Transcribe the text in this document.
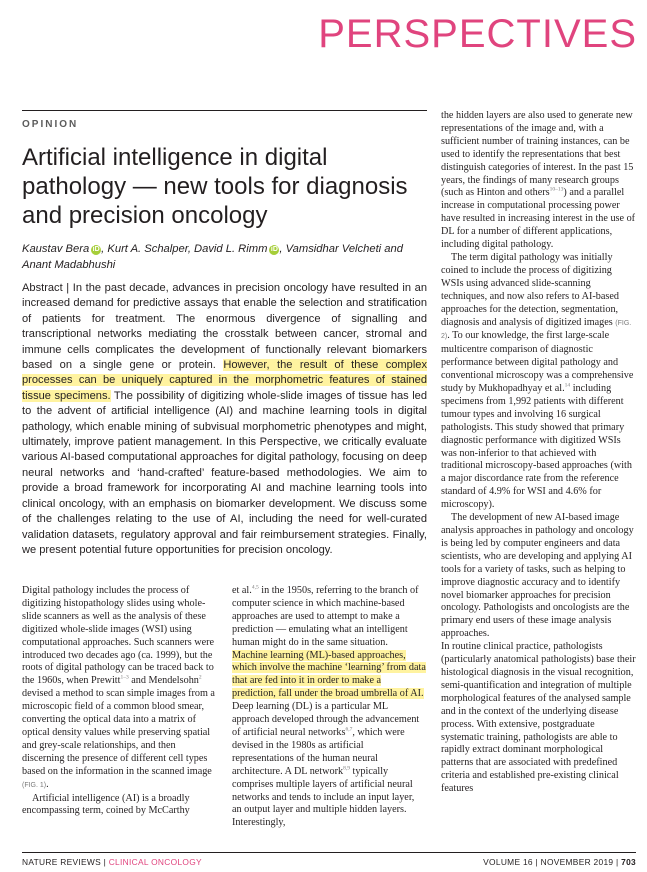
PERSPECTIVES
OPINION
Artificial intelligence in digital pathology — new tools for diagnosis and precision oncology
Kaustav Bera iD , Kurt A. Schalper, David L. Rimm iD , Vamsidhar Velcheti and
Anant Madabhushi
Abstract | In the past decade, advances in precision oncology have resulted in an increased demand for predictive assays that enable the selection and stratification of patients for treatment. The enormous divergence of signalling and transcriptional networks mediating the crosstalk between cancer, stromal and immune cells complicates the development of functionally relevant biomarkers based on a single gene or protein. However, the result of these complex processes can be uniquely captured in the morphometric features of stained tissue specimens. The possibility of digitizing whole-slide images of tissue has led to the advent of artificial intelligence (AI) and machine learning tools in digital pathology, which enable mining of subvisual morphometric phenotypes and might, ultimately, improve patient management. In this Perspective, we critically evaluate various AI-based computational approaches for digital pathology, focusing on deep neural networks and ‘hand-crafted’ feature-based methodologies. We aim to provide a broad framework for incorporating AI and machine learning tools into clinical oncology, with an emphasis on biomarker development. We discuss some of the challenges relating to the use of AI, including the need for well-curated validation datasets, regulatory approval and fair reimbursement strategies. Finally, we present potential future opportunities for precision oncology.

Digital pathology includes the process of digitizing histopathology slides using whole-slide scanners as well as the analysis of these digitized whole-slide images (WSI) using computational approaches. Such scanners were introduced two decades ago (ca. 1999), but the roots of digital pathology can be traced back to the 1960s, when Prewitt$^{1-3}$ and Mendelsohn$^2$ devised a method to scan simple images from a microscopic field of a common blood smear, converting the optical data into a matrix of optical density values while preserving spatial and grey-scale relationships, and then discerning the presence of different cell types based on the information in the scanned image (FIG. 1).

Artificial intelligence (AI) is a broadly encompassing term, coined by McCarthy

et al.$^{4,5}$ in the 1950s, referring to the branch of computer science in which machine-based approaches are used to attempt to make a prediction — emulating what an intelligent human might do in the same situation. Machine learning (ML)-based approaches, which involve the machine ‘learning’ from data that are fed into it in order to make a prediction, fall under the broad umbrella of AI. Deep learning (DL) is a particular ML approach developed through the advancement of artificial neural networks$^{6,7}$, which were devised in the 1980s as artificial representations of the human neural architecture. A DL network$^{8,9}$ typically comprises multiple layers of artificial neural networks and tends to include an input layer, an output layer and multiple hidden layers. Interestingly,

the hidden layers are also used to generate new representations of the image and, with a sufficient number of training instances, can be used to identify the representations that best distinguish categories of interest. In the past 15 years, the findings of many research groups (such as Hinton and others$^{10-13}$) and a parallel increase in computational processing power have resulted in increasing interest in the use of DL for a number of different applications, including digital pathology.

The term digital pathology was initially coined to include the process of digitizing WSIs using advanced slide-scanning techniques, and now also refers to AI-based approaches for the detection, segmentation, diagnosis and analysis of digitized images (FIG. 2). To our knowledge, the first large-scale multicentre comparison of diagnostic performance between digital pathology and conventional microscopy was a comprehensive study by Mukhopadhyay et al.$^{14}$ including specimens from 1,992 patients with different tumour types and involving 16 surgical pathologists. This study showed that primary diagnostic performance with digitized WSIs was non-inferior to that achieved with traditional microscopy-based approaches (with a major discordance rate from the reference standard of 4.9% for WSI and 4.6% for microscopy).

The development of new AI-based image analysis approaches in pathology and oncology is being led by computer engineers and data scientists, who are developing and applying AI tools for a variety of tasks, such as helping to improve diagnostic accuracy and to identify novel biomarker approaches for precision oncology. Pathologists and oncologists are the primary end users of these image analysis approaches.

In routine clinical practice, pathologists (particularly anatomical pathologists) base their histological diagnosis in the visual recognition, semi-quantification and integration of multiple morphological features of the analysed sample and in the context of the underlying disease process. With extensive, postgraduate systematic training, pathologists are able to rapidly extract dominant morphological patterns that are associated with predefined criteria and established pre-existing clinical features

NATURE REVIEWS | CLINICAL ONCOLOGY	VOLUME 16 | NOVEMBER 2019 | 703
